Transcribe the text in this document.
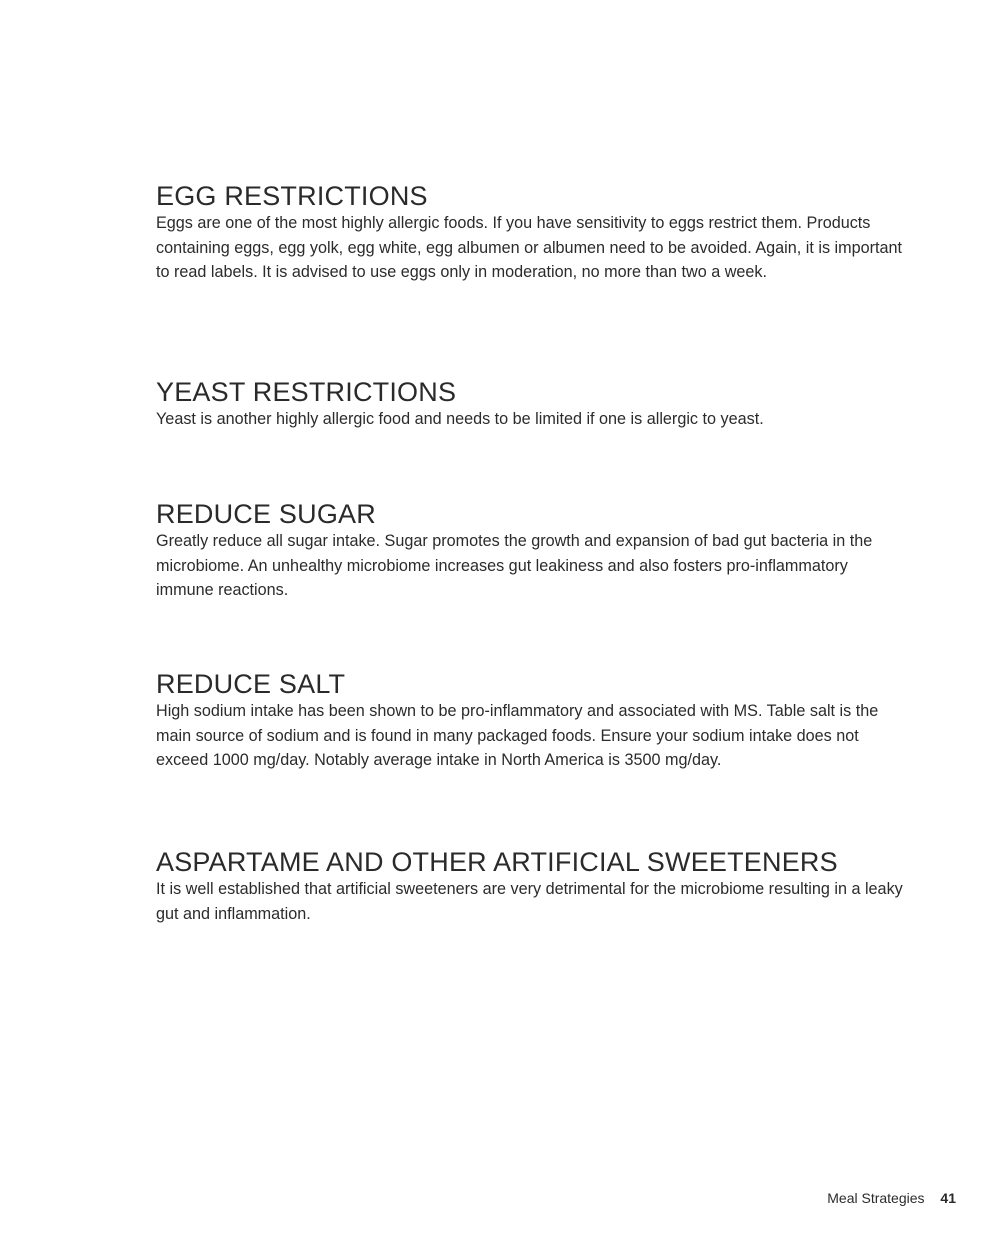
EGG RESTRICTIONS

Eggs are one of the most highly allergic foods. If you have sensitivity to eggs restrict them. Products containing eggs, egg yolk, egg white, egg albumen or albumen need to be avoided. Again, it is important to read labels. It is advised to use eggs only in moderation, no more than two a week.

YEAST RESTRICTIONS

Yeast is another highly allergic food and needs to be limited if one is allergic to yeast.

REDUCE SUGAR

Greatly reduce all sugar intake. Sugar promotes the growth and expansion of bad gut bacteria in the microbiome. An unhealthy microbiome increases gut leakiness and also fosters pro-inflammatory immune reactions.

REDUCE SALT

High sodium intake has been shown to be pro-inflammatory and associated with MS. Table salt is the main source of sodium and is found in many packaged foods. Ensure your sodium intake does not exceed 1000 mg/day. Notably average intake in North America is 3500 mg/day.

ASPARTAME AND OTHER ARTIFICIAL SWEETENERS

It is well established that artificial sweeteners are very detrimental for the microbiome resulting in a leaky gut and inflammation.

Meal Strategies 41
